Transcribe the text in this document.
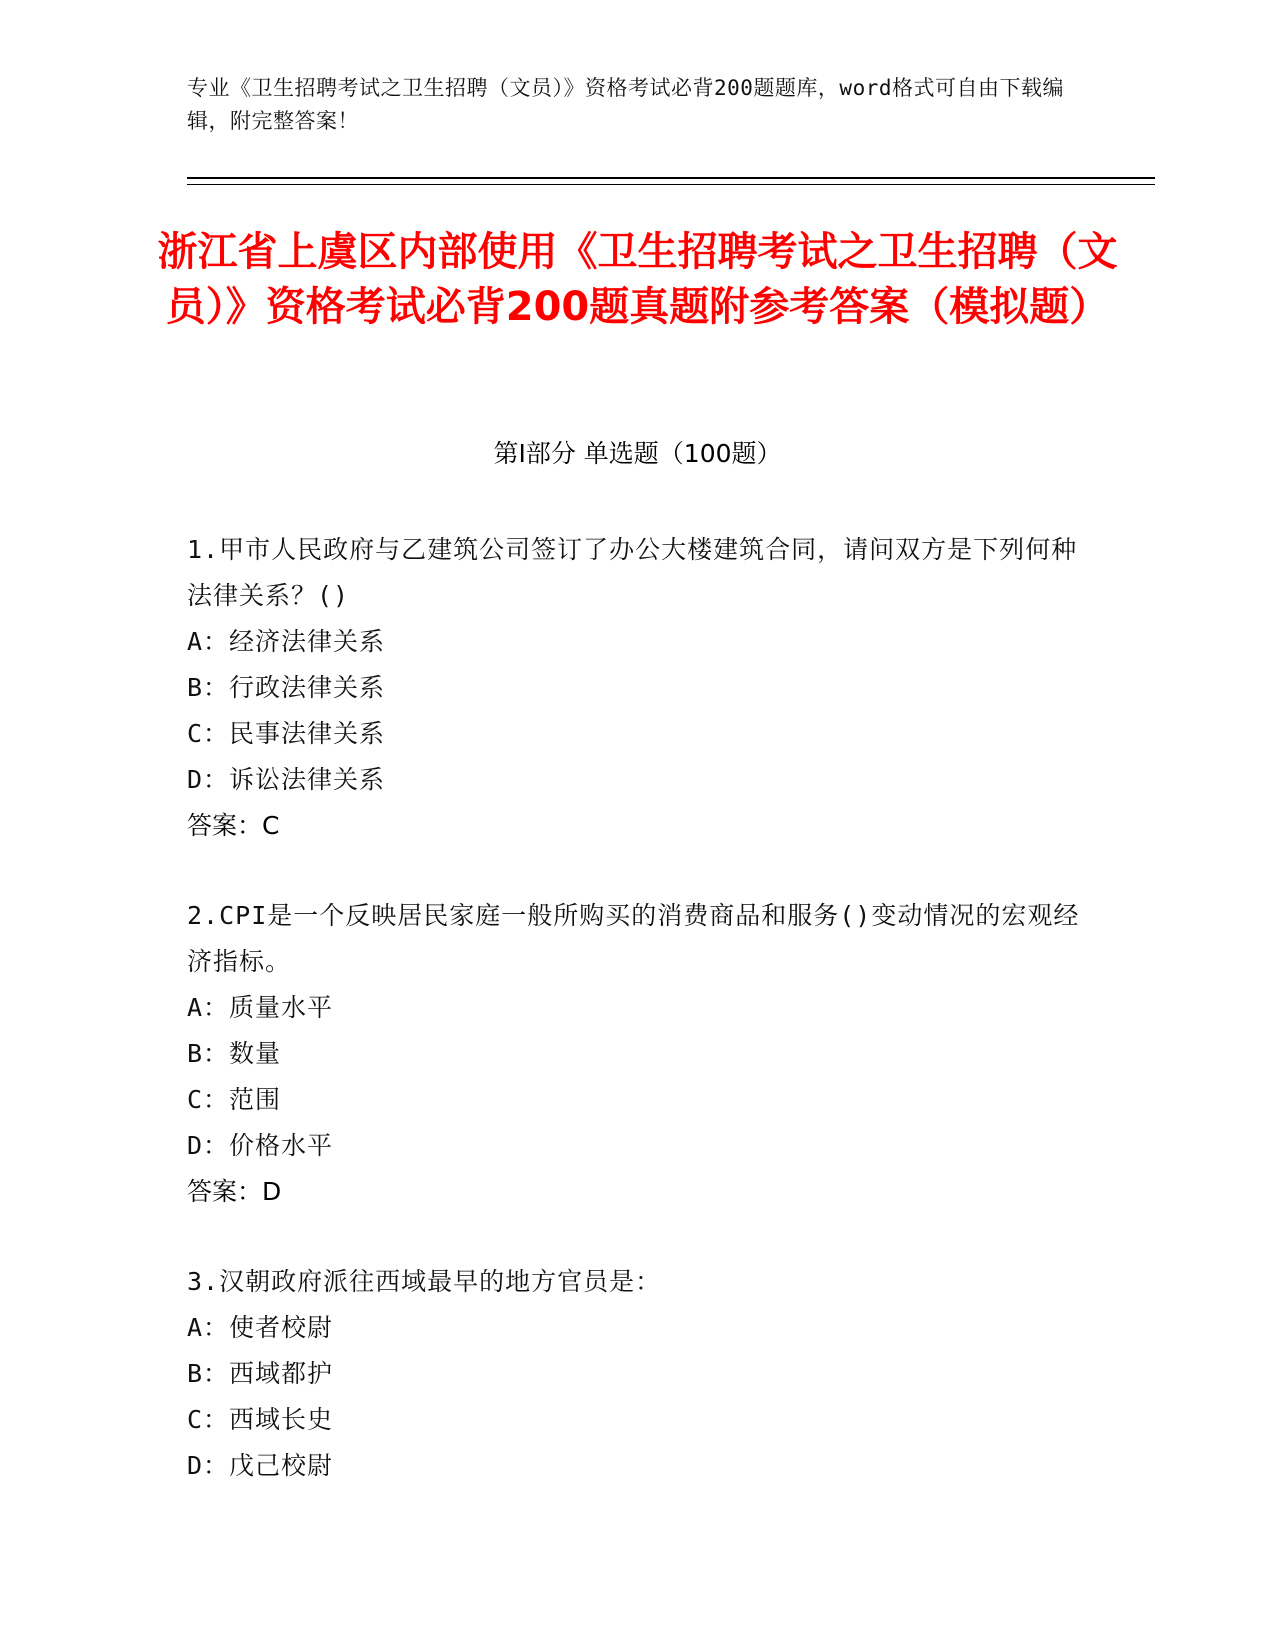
专业《卫生招聘考试之卫生招聘（文员）》资格考试必背200题题库，word格式可自由下载编辑，附完整答案！
浙江省上虞区内部使用《卫生招聘考试之卫生招聘（文员）》资格考试必背200题真题附参考答案（模拟题）
第Ⅰ部分 单选题（100题）
1.甲市人民政府与乙建筑公司签订了办公大楼建筑合同，请问双方是下列何种法律关系？()
A：经济法律关系
B：行政法律关系
C：民事法律关系
D：诉讼法律关系
答案：C
2.CPI是一个反映居民家庭一般所购买的消费商品和服务()变动情况的宏观经济指标。
A：质量水平
B：数量
C：范围
D：价格水平
答案：D
3.汉朝政府派往西域最早的地方官员是：
A：使者校尉
B：西域都护
C：西域长史
D：戊己校尉
